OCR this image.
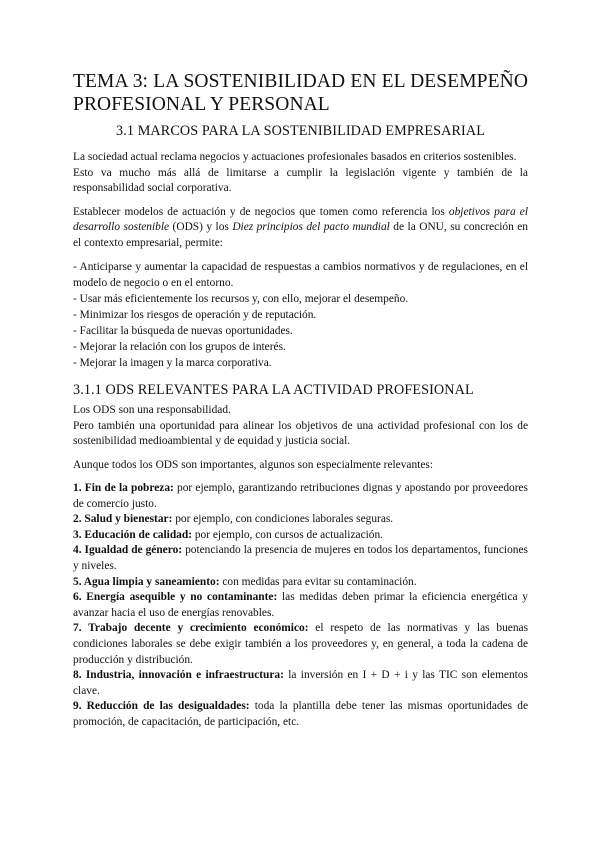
TEMA 3: LA SOSTENIBILIDAD EN EL DESEMPEÑO PROFESIONAL Y PERSONAL
3.1 MARCOS PARA LA SOSTENIBILIDAD EMPRESARIAL

La sociedad actual reclama negocios y actuaciones profesionales basados en criterios sostenibles.

Esto va mucho más allá de limitarse a cumplir la legislación vigente y también de la responsabilidad social corporativa.

Establecer modelos de actuación y de negocios que tomen como referencia los objetivos para el desarrollo sostenible (ODS) y los Diez principios del pacto mundial de la ONU, su concreción en el contexto empresarial, permite:

- Anticiparse y aumentar la capacidad de respuestas a cambios normativos y de regulaciones, en el modelo de negocio o en el entorno.
- Usar más eficientemente los recursos y, con ello, mejorar el desempeño.
- Minimizar los riesgos de operación y de reputación.
- Facilitar la búsqueda de nuevas oportunidades.
- Mejorar la relación con los grupos de interés.
- Mejorar la imagen y la marca corporativa.
3.1.1 ODS RELEVANTES PARA LA ACTIVIDAD PROFESIONAL

Los ODS son una responsabilidad.

Pero también una oportunidad para alinear los objetivos de una actividad profesional con los de sostenibilidad medioambiental y de equidad y justicia social.

Aunque todos los ODS son importantes, algunos son especialmente relevantes:

1. Fin de la pobreza: por ejemplo, garantizando retribuciones dignas y apostando por proveedores de comercio justo.
2. Salud y bienestar: por ejemplo, con condiciones laborales seguras.
3. Educación de calidad: por ejemplo, con cursos de actualización.
4. Igualdad de género: potenciando la presencia de mujeres en todos los departamentos, funciones y niveles.
5. Agua limpia y saneamiento: con medidas para evitar su contaminación.
6. Energía asequible y no contaminante: las medidas deben primar la eficiencia energética y avanzar hacia el uso de energías renovables.
7. Trabajo decente y crecimiento económico: el respeto de las normativas y las buenas condiciones laborales se debe exigir también a los proveedores y, en general, a toda la cadena de producción y distribución.
8. Industria, innovación e infraestructura: la inversión en I + D + i y las TIC son elementos clave.
9. Reducción de las desigualdades: toda la plantilla debe tener las mismas oportunidades de promoción, de capacitación, de participación, etc.
